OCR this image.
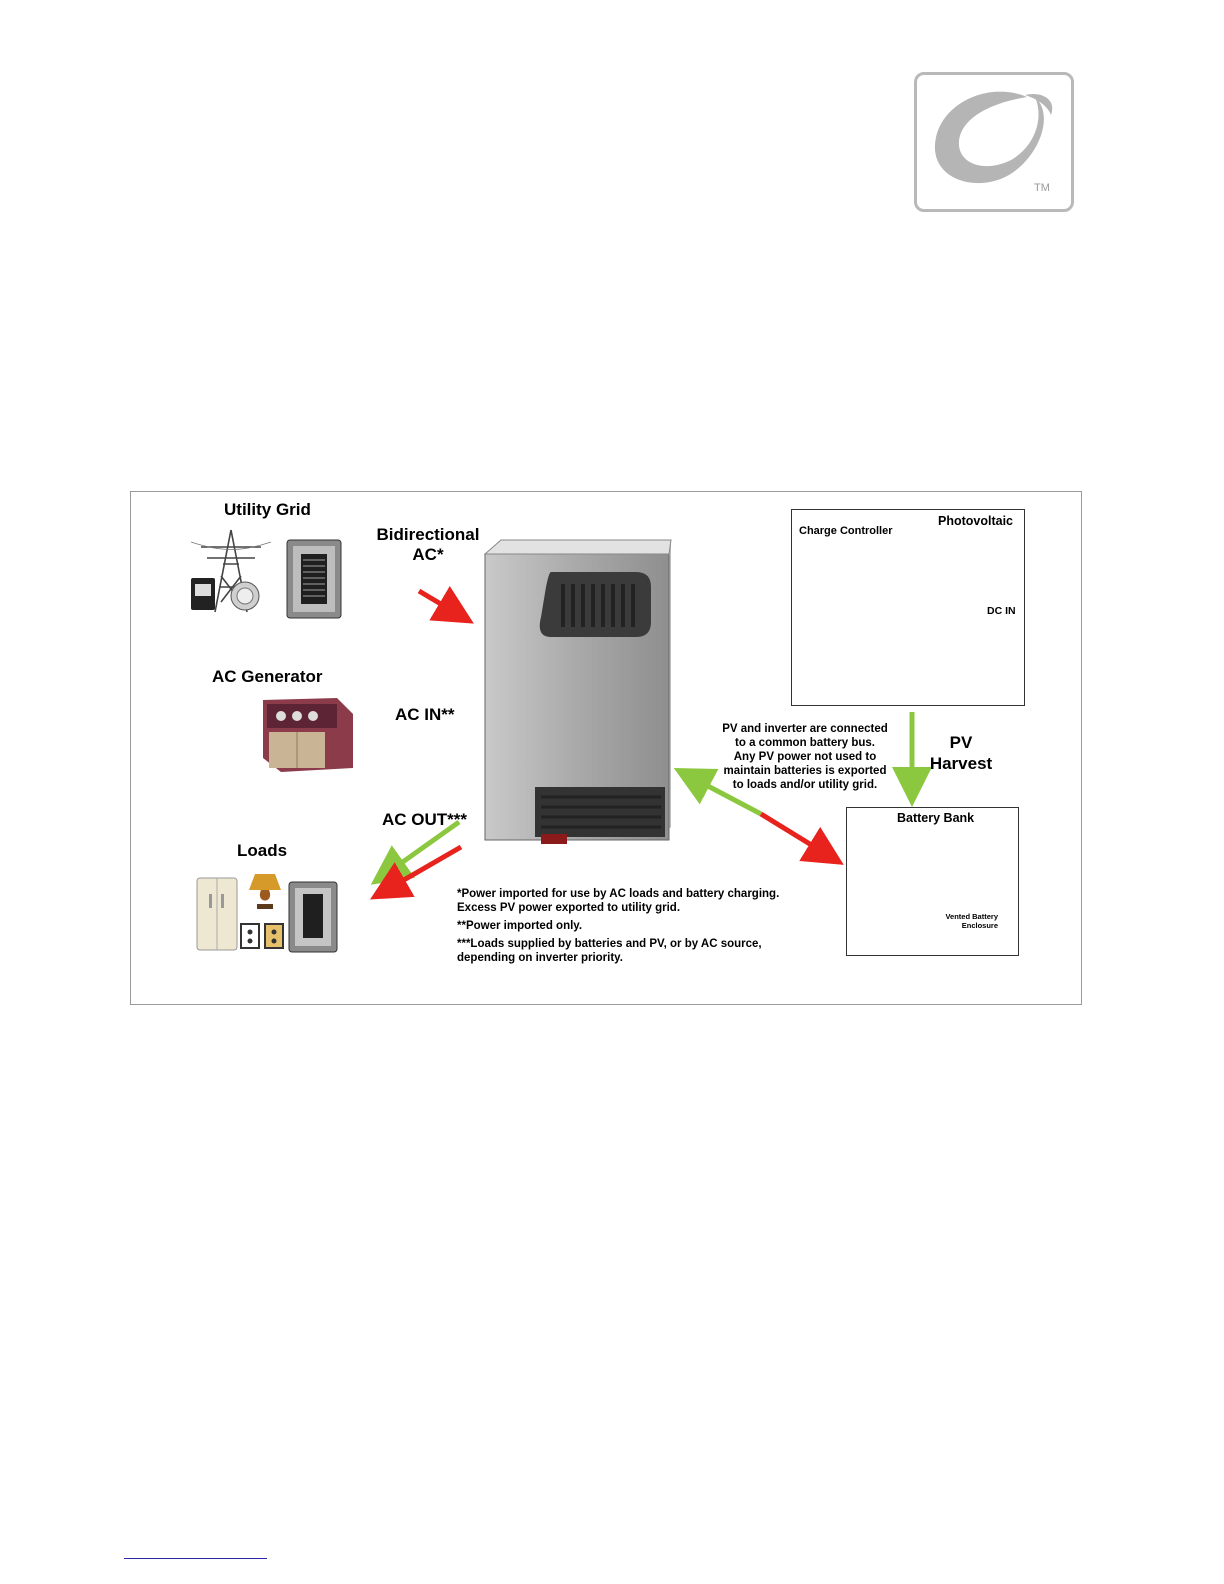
TM
Utility Grid
AC Generator
Loads
Bidirectional
AC*
AC IN**
AC OUT***
Charge Controller
Photovoltaic
DC IN
PV
Harvest
PV and inverter are connected
to a common battery bus.
Any PV power not used to
maintain batteries is exported
to loads and/or utility grid.
Battery Bank
Vented Battery
Enclosure
*Power imported for use by AC loads and battery charging.
Excess PV power exported to utility grid.
**Power imported only.
***Loads supplied by batteries and PV, or by AC source,
depending on inverter priority.
